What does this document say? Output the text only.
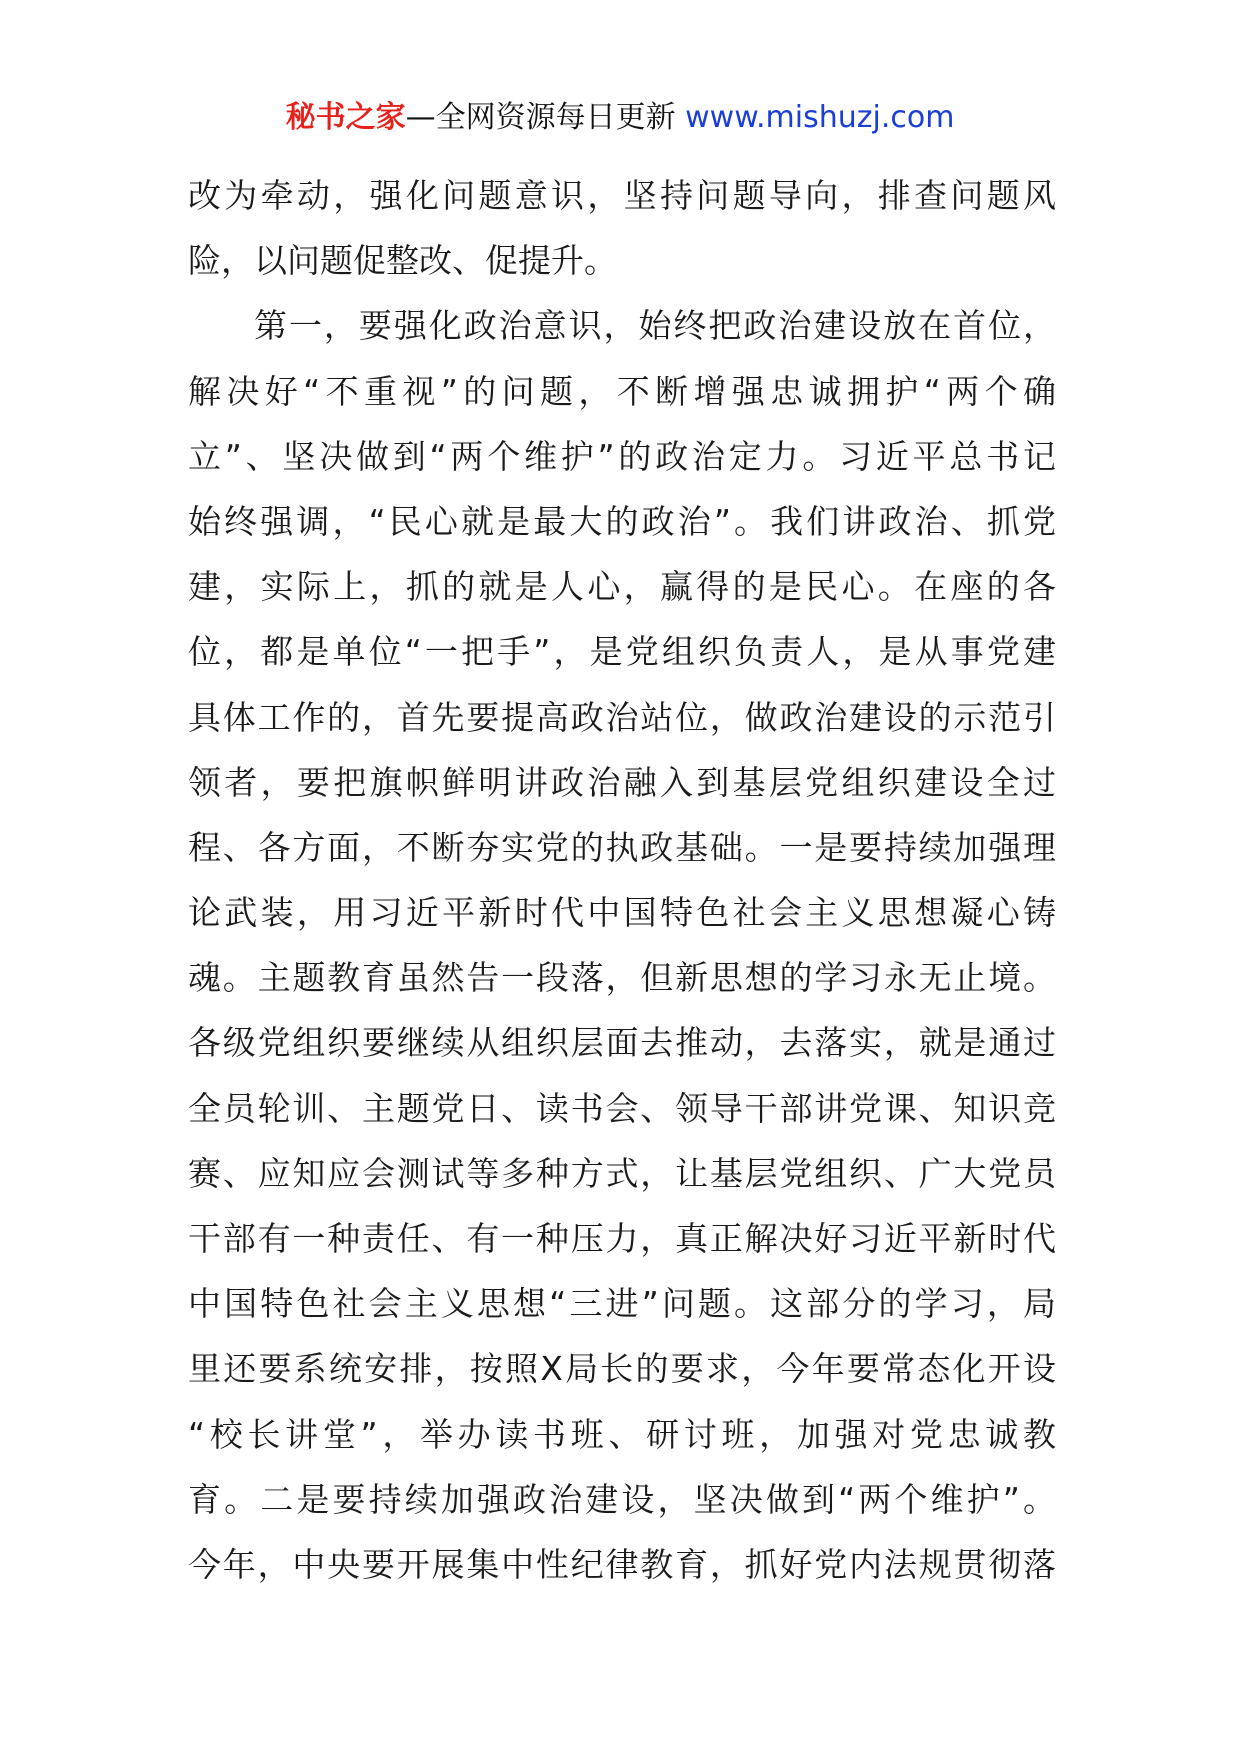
秘书之家—全网资源每日更新 www.mishuzj.com
改为牵动，强化问题意识，坚持问题导向，排查问题风
险，以问题促整改、促提升。
第一，要强化政治意识，始终把政治建设放在首位，
解决好“不重视”的问题，不断增强忠诚拥护“两个确
立”、坚决做到“两个维护”的政治定力。习近平总书记
始终强调，“民心就是最大的政治”。我们讲政治、抓党
建，实际上，抓的就是人心，赢得的是民心。在座的各
位，都是单位“一把手”，是党组织负责人，是从事党建
具体工作的，首先要提高政治站位，做政治建设的示范引
领者，要把旗帜鲜明讲政治融入到基层党组织建设全过
程、各方面，不断夯实党的执政基础。一是要持续加强理
论武装，用习近平新时代中国特色社会主义思想凝心铸
魂。主题教育虽然告一段落，但新思想的学习永无止境。
各级党组织要继续从组织层面去推动，去落实，就是通过
全员轮训、主题党日、读书会、领导干部讲党课、知识竞
赛、应知应会测试等多种方式，让基层党组织、广大党员
干部有一种责任、有一种压力，真正解决好习近平新时代
中国特色社会主义思想“三进”问题。这部分的学习，局
里还要系统安排，按照X局长的要求，今年要常态化开设
“校长讲堂”，举办读书班、研讨班，加强对党忠诚教
育。二是要持续加强政治建设，坚决做到“两个维护”。
今年，中央要开展集中性纪律教育，抓好党内法规贯彻落
